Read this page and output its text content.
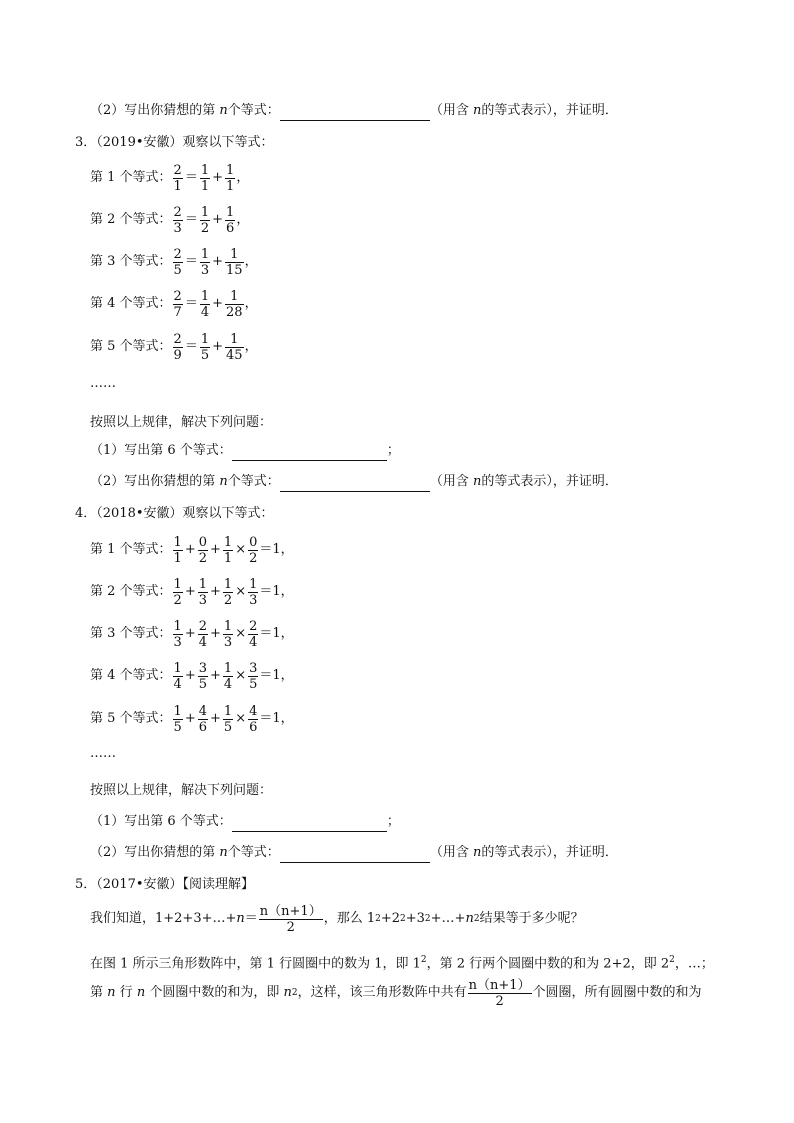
（2）写出你猜想的第 n个等式：	（用含 n的等式表示），并证明．
3．（2019•安徽）观察以下等式：
第 1 个等式： $\frac{2}{1} = \frac{1}{1} + \frac{1}{1}$ ，
第 2 个等式： $\frac{2}{3} = \frac{1}{2} + \frac{1}{6}$ ，
第 3 个等式： $\frac{2}{5} = \frac{1}{3} + \frac{1}{15}$ ，
第 4 个等式： $\frac{2}{7} = \frac{1}{4} + \frac{1}{28}$ ，
第 5 个等式： $\frac{2}{9} = \frac{1}{5} + \frac{1}{45}$ ，
……
按照以上规律，解决下列问题：
（1）写出第 6 个等式：	；
（2）写出你猜想的第 n个等式：	（用含 n的等式表示），并证明．
4．（2018•安徽）观察以下等式：
第 1 个等式： $\frac{1}{1} + \frac{0}{2} + \frac{1}{1} \times \frac{0}{2} =1$，
第 2 个等式： $\frac{1}{2} + \frac{1}{3} + \frac{1}{2} \times \frac{1}{3} =1$，
第 3 个等式： $\frac{1}{3} + \frac{2}{4} + \frac{1}{3} \times \frac{2}{4} =1$，
第 4 个等式： $\frac{1}{4} + \frac{3}{5} + \frac{1}{4} \times \frac{3}{5} =1$，
第 5 个等式： $\frac{1}{5} + \frac{4}{6} + \frac{1}{5} \times \frac{4}{6} =1$，
……
按照以上规律，解决下列问题：
（1）写出第 6 个等式：	；
（2）写出你猜想的第 n个等式：	（用含 n的等式表示），并证明．
5．（2017•安徽）【阅读理解】
我们知道，1+2+3+…+ $n = \frac{n(n+1)}{2}$ ，那么 1 2 +2 2 +3 2 +…+ n 2 结果等于多少呢？
在图 1 所示三角形数阵中，第 1 行圆圈中的数为 1，即 $1^2$，第 2 行两个圆圈中数的和为 2+2，即 $2^2$，…；
第
n
行
n
个圆圈中数的和为，即
n 2 ，这样，该三角形数阵中共有 $\frac{n(n+1)}{2}$ 个圆圈，所有圆圈中数的和为
